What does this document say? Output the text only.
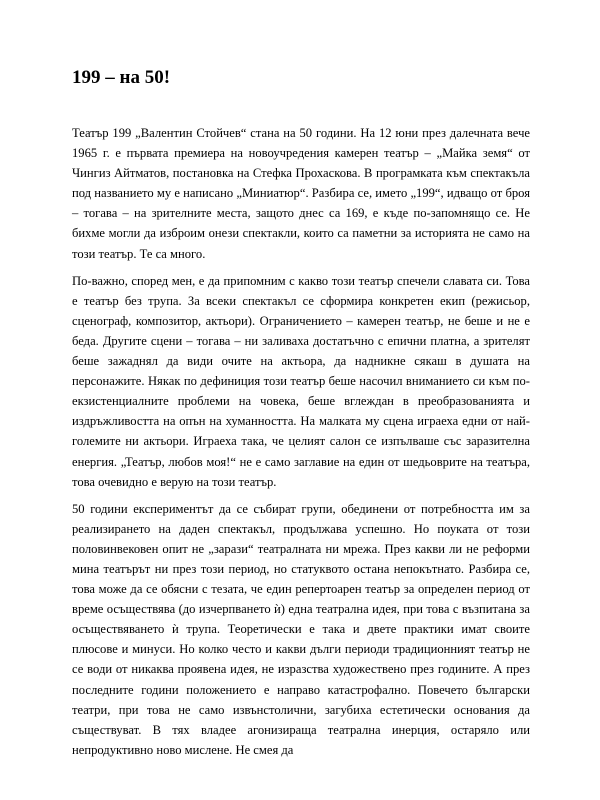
199 – на 50!

Театър 199 „Валентин Стойчев“ стана на 50 години. На 12 юни през далечната вече 1965 г. е първата премиера на новоучредения камерен театър – „Майка земя“ от Чингиз Айтматов, постановка на Стефка Прохаскова. В програмката към спектакъла под названието му е написано „Миниатюр“. Разбира се, името „199“, идващо от броя – тогава – на зрителните места, защото днес са 169, е къде по-запомнящо се. Не бихме могли да изброим онези спектакли, които са паметни за историята не само на този театър. Те са много.

По-важно, според мен, е да припомним с какво този театър спечели славата си. Това е театър без трупа. За всеки спектакъл се сформира конкретен екип (режисьор, сценограф, композитор, актьори). Ограничението – камерен театър, не беше и не е беда. Другите сцени – тогава – ни заливаха достатъчно с епични платна, а зрителят беше зажаднял да види очите на актьора, да надникне сякаш в душата на персонажите. Някак по дефиниция този театър беше насочил вниманието си към по-екзистенциалните проблеми на човека, беше вглеждан в преобразованията и издръжливостта на опън на хуманността. На малката му сцена играеха едни от най-големите ни актьори. Играеха така, че целият салон се изпълваше със заразителна енергия. „Театър, любов моя!“ не е само заглавие на един от шедьоврите на театъра, това очевидно е верую на този театър.

50 години експериментът да се събират групи, обединени от потребността им за реализирането на даден спектакъл, продължава успешно. Но поуката от този половинвековен опит не „зарази“ театралната ни мрежа. През какви ли не реформи мина театърът ни през този период, но статуквото остана непокътнато. Разбира се, това може да се обясни с тезата, че един репертоарен театър за определен период от време осъществява (до изчерпването ѝ) една театрална идея, при това с възпитана за осъществяването ѝ трупа. Теоретически е така и двете практики имат своите плюсове и минуси. Но колко често и какви дълги периоди традиционният театър не се води от никаква проявена идея, не изразства художествено през годините. А през последните години положението е направо катастрофално. Повечето български театри, при това не само извънстолични, загубиха естетически основания да съществуват. В тях владее агонизираща театрална инерция, остаряло или непродуктивно ново мислене. Не смея да
